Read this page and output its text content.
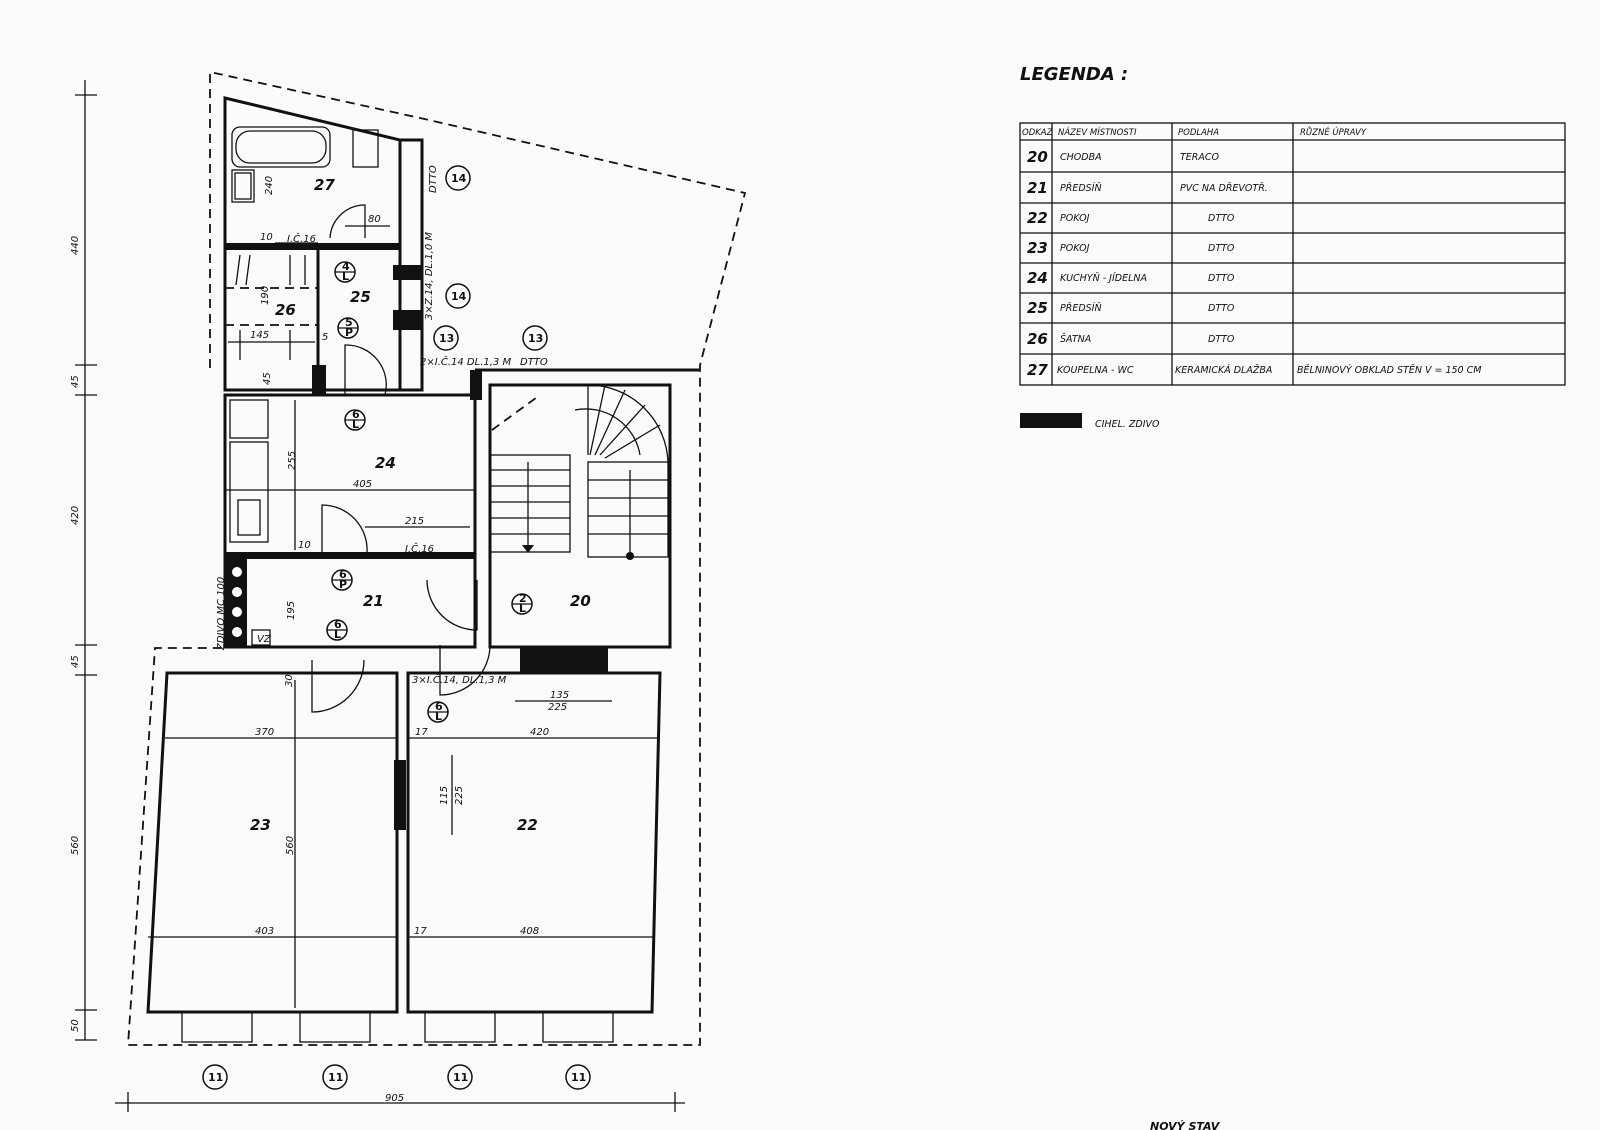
440
45
420
45
560
50
905
27
26
25
24
21	20
23	22
240
80
10 I.Č.16
190
145	5
45
255
405
215
10	I.Č.16
195
30
135
225
370	17	420
115 225
560
403	17	408
VZ
ZDIVO MC 100
3×Z.14, DL.1,0 M
2×I.Č.14 DL.1,3 M
3×I.Č.14, DL.1,3 M
DTTO
DTTO
14
14
13	13
11	11	11	11
4
L
5
P
6
L
6
P
6
L
6
L
2
L
LEGENDA :
ODKAZ NÁZEV MÍSTNOSTI	PODLAHA	RŮZNÉ ÚPRAVY
20 CHODBA	TERACO
21 PŘEDSÍŇ	PVC NA DŘEVOTŘ.
22 POKOJ	DTTO
23 POKOJ	DTTO
24 KUCHYŇ - JÍDELNA	DTTO
25 PŘEDSÍŇ	DTTO
26 ŠATNA	DTTO
27 KOUPELNA - WC	KERAMICKÁ DLAŽBA	BĚLNINOVÝ OBKLAD STĚN V = 150 CM
CIHEL. ZDIVO
NOVÝ STAV
